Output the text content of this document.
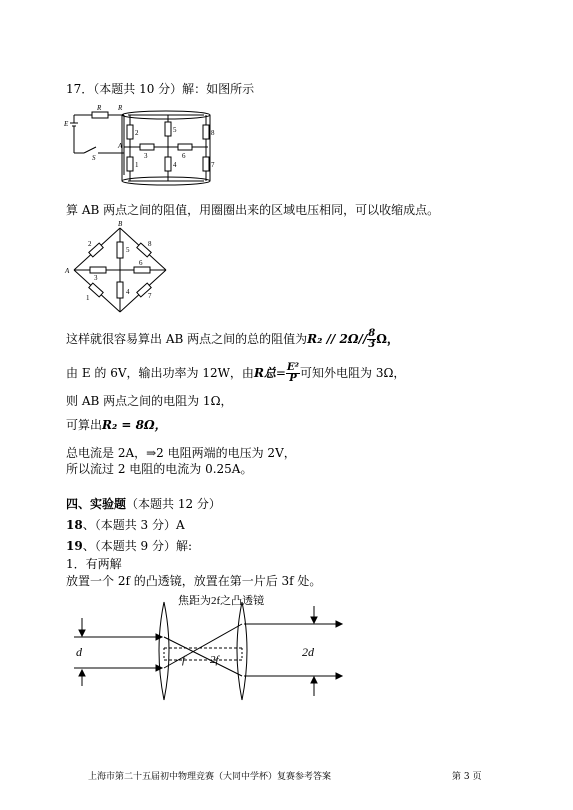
17．（本题共 10 分）解：如图所示
R R
E
S
A
2	5	8
3	6
1	4	7
算 AB 两点之间的阻值，用圈圈出来的区域电压相同，可以收缩成点。
B
2
5
8
A
3
6
1
4	7
这样就很容易算出 AB 两点之间的总的阻值为$R_2 // 2\Omega// \frac{8}{3}$ Ω，
由 E 的 6V，输出功率为 12W，由R总= $\frac{\text{E²}}{P}$ 可知外电阻为 3Ω，
则 AB 两点之间的电阻为 1Ω，
可算出R₂ = 8Ω，
总电流是 2A，⇒2 电阻两端的电压为 2V，
所以流过 2 电阻的电流为 0.25A。
四、实验题（本题共 12 分）
18、（本题共 3 分）A
19、（本题共 9 分）解:
1．有两解
放置一个 2f 的凸透镜，放置在第一片后 3f 处。
焦距为2f之凸透镜
d	2d
f 2f
上海市第二十五届初中物理竞赛（大同中学杯）复赛参考答案	第 3 页
